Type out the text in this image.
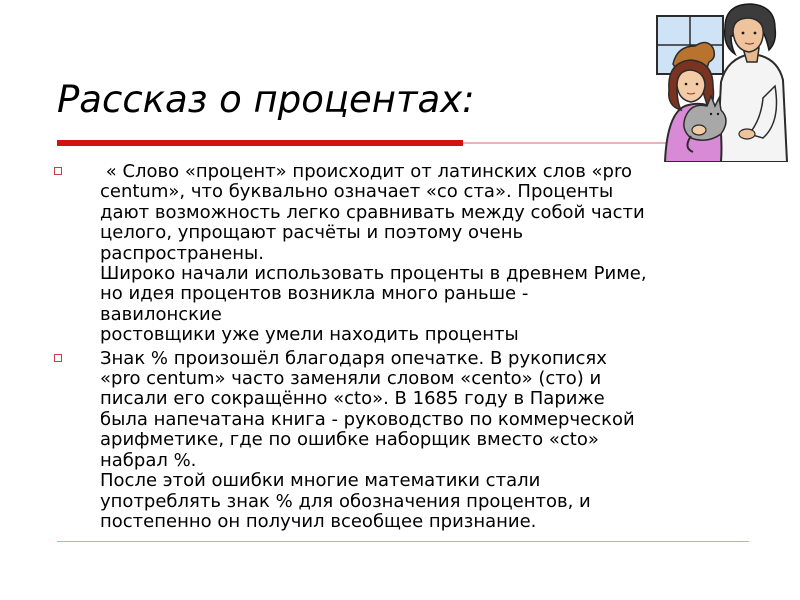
Рассказ о процентах:
« Слово «процент» происходит от латинских слов «pro
centum», что буквально означает «со ста». Проценты
дают возможность легко сравнивать между собой части
целого, упрощают расчёты и поэтому очень
распространены.
Широко начали использовать проценты в древнем Риме,
но идея процентов возникла много раньше -
вавилонские
ростовщики уже умели находить проценты
Знак % произошёл благодаря опечатке. В рукописях
«pro centum» часто заменяли словом «cento» (сто) и
писали его сокращённо «cto». В 1685 году в Париже
была напечатана книга - руководство по коммерческой
арифметике, где по ошибке наборщик вместо «cto»
набрал %.
После этой ошибки многие математики стали
употреблять знак % для обозначения процентов, и
постепенно он получил всеобщее признание.
